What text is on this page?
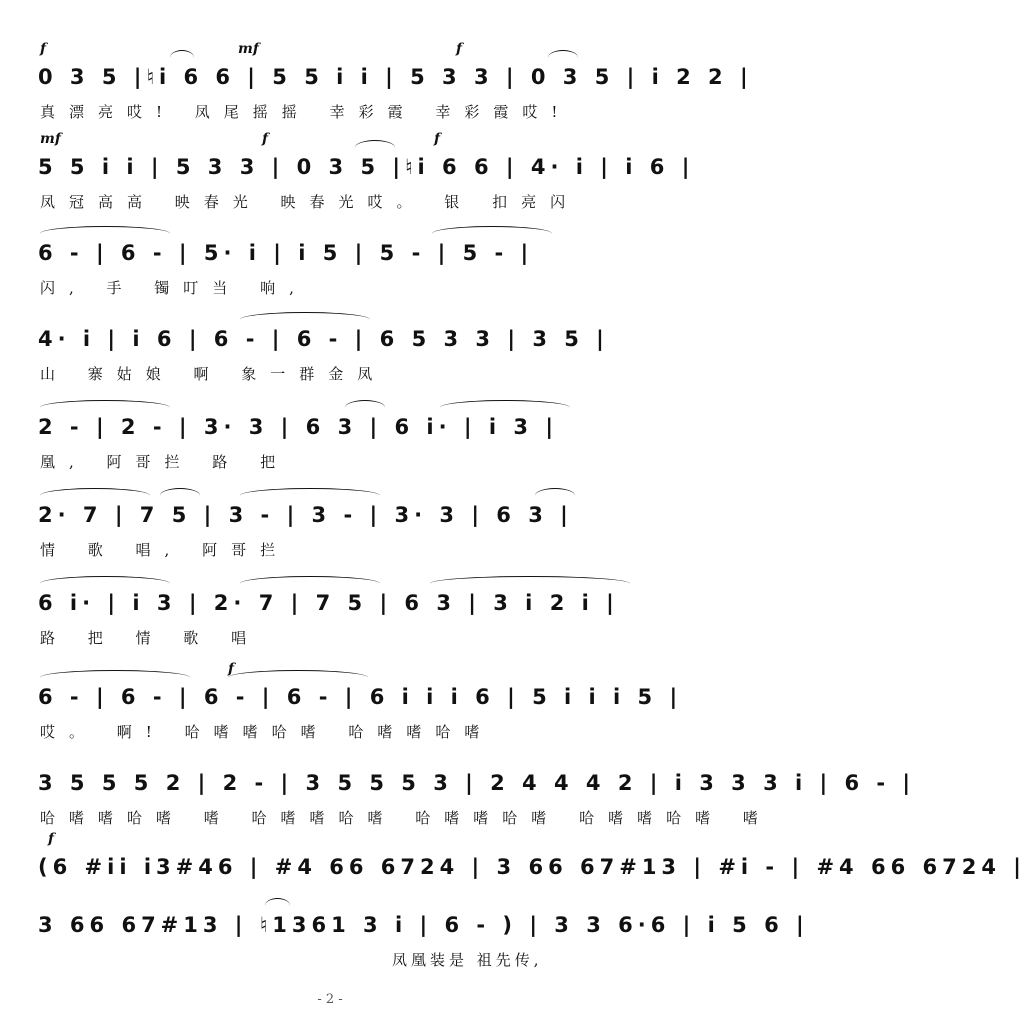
f	mf	f
0 3 5 |♮i 6 6 | 5 5 i i | 5 3 3 | 0 3 5 | i 2 2 |
真漂亮哎! 凤尾摇摇 幸彩霞 幸彩霞哎!
mf	f	f
5 5 i i | 5 3 3 | 0 3 5 |♮i 6 6 | 4· i | i 6 |
凤冠高高 映春光 映春光哎。 银 扣亮闪
6 - | 6 - | 5· i | i 5 | 5 - | 5 - |
闪, 手 镯叮当 响,
4· i | i 6 | 6 - | 6 - | 6 5 3 3 | 3 5 |
山 寨姑娘 啊 象一群金凤
2 - | 2 - | 3· 3 | 6 3 | 6 i· | i 3 |
凰, 阿哥拦 路 把
2· 7 | 7 5 | 3 - | 3 - | 3· 3 | 6 3 |
情 歌 唱, 阿哥拦
6 i· | i 3 | 2· 7 | 7 5 | 6 3 | 3 i 2 i |
路 把 情 歌 唱
f
6 - | 6 - | 6 - | 6 - | 6 i i i 6 | 5 i i i 5 |
哎。 啊! 哈嗜嗜哈嗜 哈嗜嗜哈嗜
3 5 5 5 2 | 2 - | 3 5 5 5 3 | 2 4 4 4 2 | i 3 3 3 i | 6 - |
哈嗜嗜哈嗜 嗜 哈嗜嗜哈嗜 哈嗜嗜哈嗜 哈嗜嗜哈嗜 嗜
f
(6 #ii i3#46 | #4 66 6724 | 3 66 67#13 | #i - | #4 66 6724 |
3 66 67#13 | ♮1361 3 i | 6 - ) | 3 3 6·6 | i 5 6 |
凤凰装是 祖先传,
- 2 -
